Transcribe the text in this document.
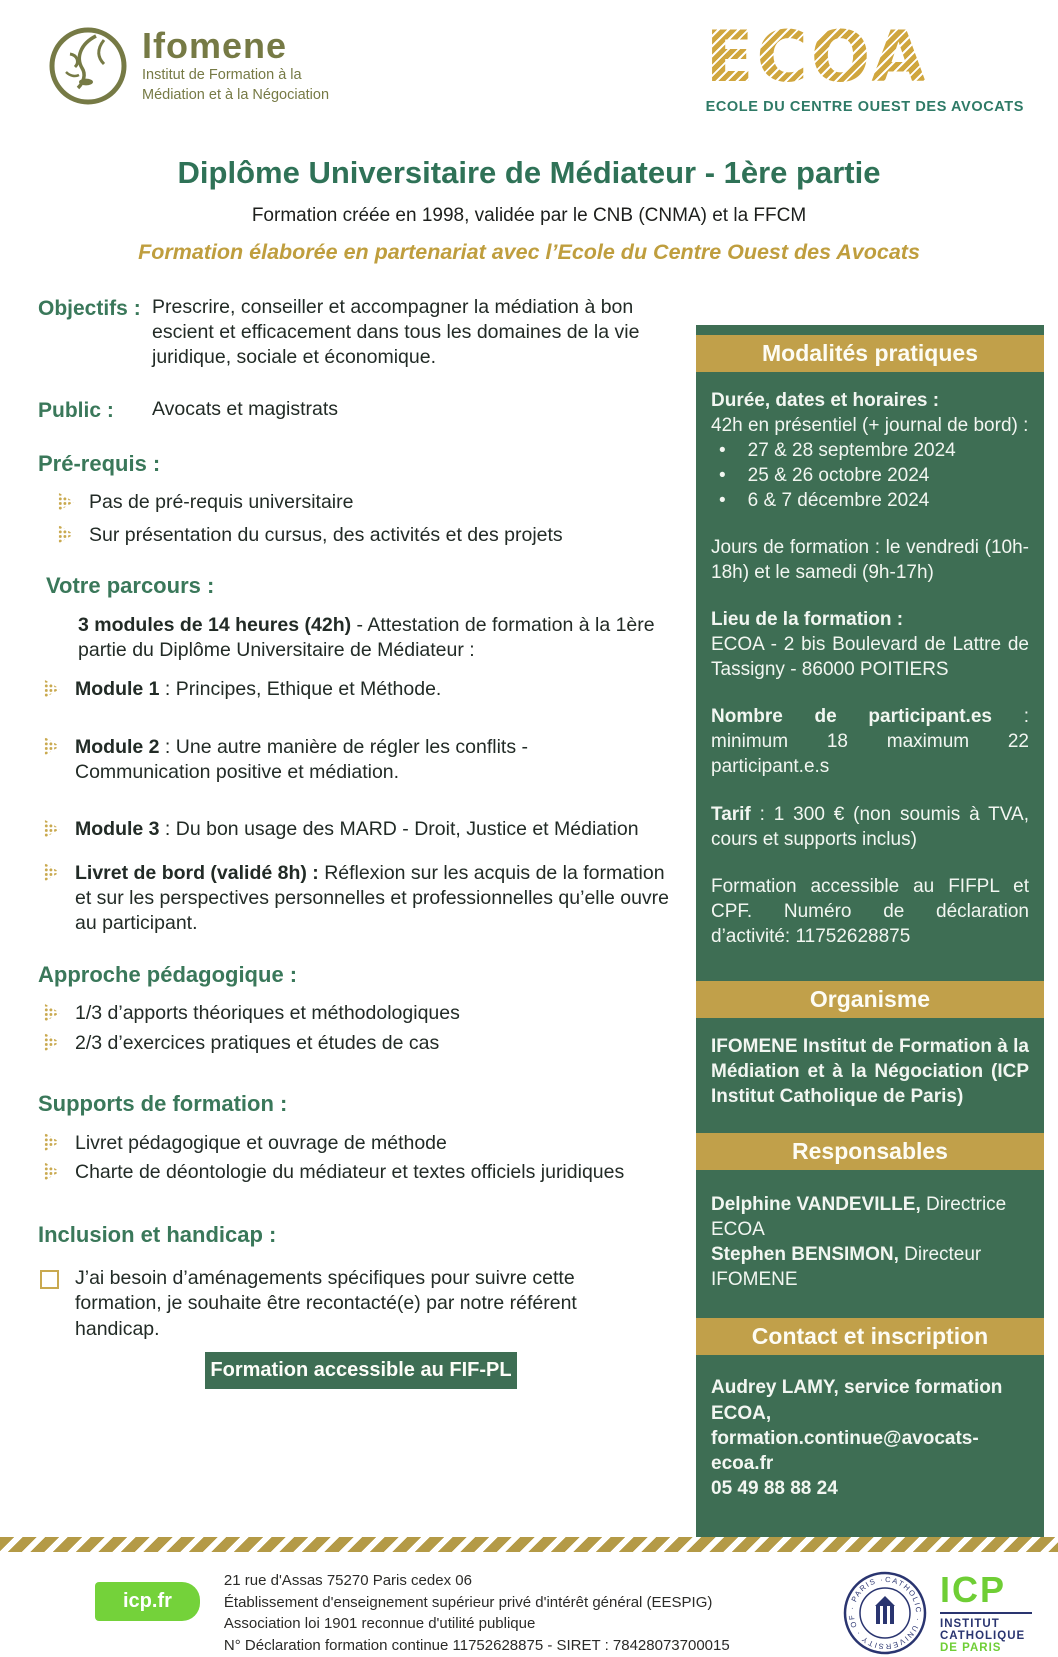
Ifomene
Institut de Formation à la
Médiation et à la Négociation	ECOA
ECOLE DU CENTRE OUEST DES AVOCATS
Diplôme Universitaire de Médiateur - 1ère partie
Formation créée en 1998, validée par le CNB (CNMA) et la FFCM
Formation élaborée en partenariat avec l’Ecole du Centre Ouest des Avocats
Objectifs : Prescrire, conseiller et accompagner la médiation à bon escient et efficacement dans tous les domaines de la vie juridique, sociale et économique.

Public :	Avocats et magistrats

Pré-requis :

Pas de pré-requis universitaire

Sur présentation du cursus, des activités et des projets

Votre parcours :

3 modules de 14 heures (42h) - Attestation de formation à la 1ère partie du Diplôme Universitaire de Médiateur :

Module 1 : Principes, Ethique et Méthode.

Module 2 : Une autre manière de régler les conflits - Communication positive et médiation.

Module 3 : Du bon usage des MARD - Droit, Justice et Médiation

Livret de bord (validé 8h) : Réflexion sur les acquis de la formation et sur les perspectives personnelles et professionnelles qu’elle ouvre au participant.

Approche pédagogique :

1/3 d’apports théoriques et méthodologiques

2/3 d’exercices pratiques et études de cas

Supports de formation :

Livret pédagogique et ouvrage de méthode

Charte de déontologie du médiateur et textes officiels juridiques

Inclusion et handicap :

J’ai besoin d’aménagements spécifiques pour suivre cette formation, je souhaite être recontacté(e) par notre référent handicap.

Formation accessible au FIF-PL
Modalités pratiques

Durée, dates et horaires :

42h en présentiel (+ journal de bord) :

• 27 & 28 septembre 2024
• 25 & 26 octobre 2024
• 6 & 7 décembre 2024

Jours de formation : le vendredi (10h-18h) et le samedi (9h-17h)

Lieu de la formation :

ECOA - 2 bis Boulevard de Lattre de Tassigny - 86000 POITIERS

Nombre de participant.es : minimum 18 maximum 22 participant.e.s

Tarif : 1 300 € (non soumis à TVA, cours et supports inclus)

Formation accessible au FIFPL et CPF. Numéro de déclaration d’activité: 11752628875

Organisme

IFOMENE Institut de Formation à la Médiation et à la Négociation (ICP Institut Catholique de Paris)

Responsables

Delphine VANDEVILLE, Directrice ECOA

Stephen BENSIMON, Directeur IFOMENE

Contact et inscription

Audrey LAMY, service formation ECOA,

formation.continue@avocats-ecoa.fr

05 49 88 88 24

icp.fr
21 rue d'Assas 75270 Paris cedex 06
Établissement d'enseignement supérieur privé d'intérêt général (EESPIG)
Association loi 1901 reconnue d'utilité publique
N° Déclaration formation continue 11752628875 - SIRET : 78428073700015
CATHOLIC · UNIVERSITY · OF · PARIS ·	ICP
INSTITUT
CATHOLIQUE
DE PARIS
